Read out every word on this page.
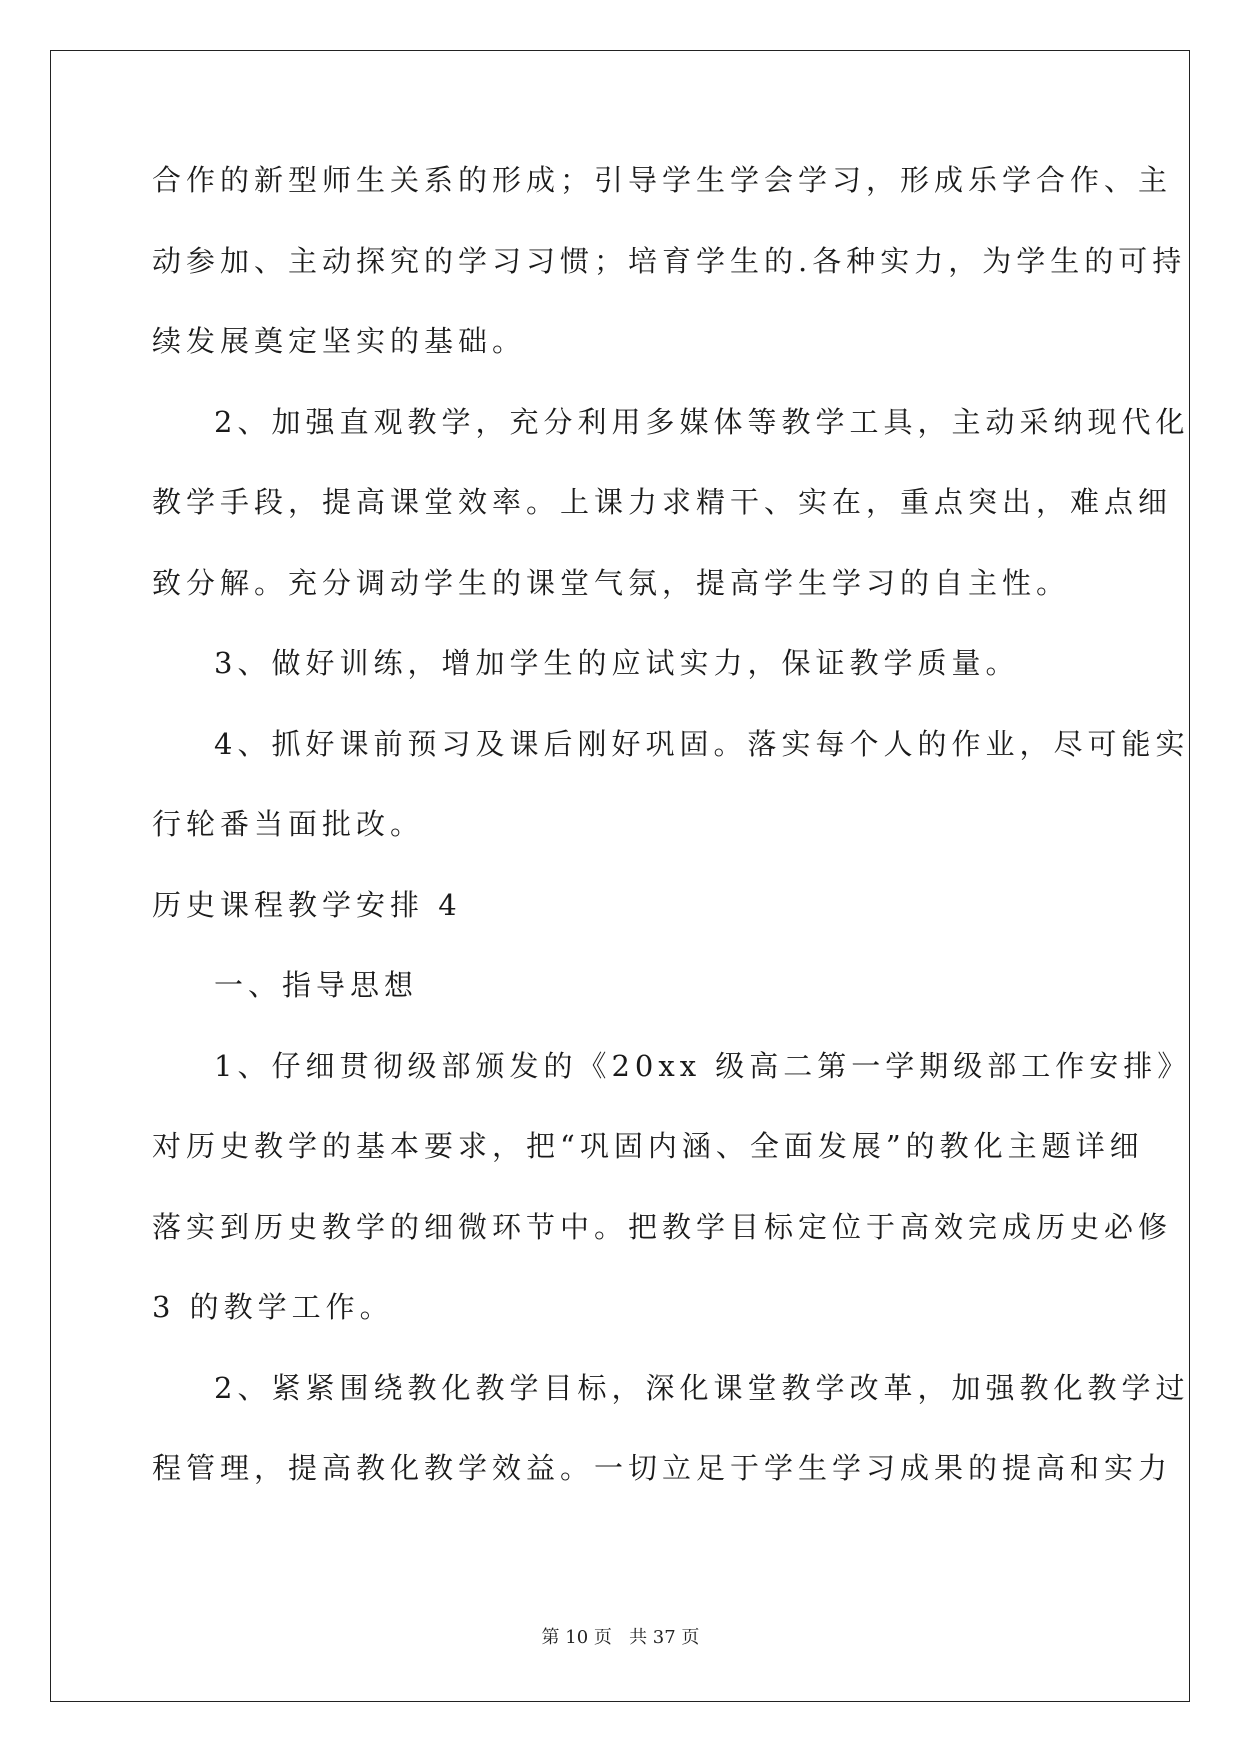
合作的新型师生关系的形成；引导学生学会学习，形成乐学合作、主
动参加、主动探究的学习习惯；培育学生的.各种实力，为学生的可持
续发展奠定坚实的基础。
2、加强直观教学，充分利用多媒体等教学工具，主动采纳现代化
教学手段，提高课堂效率。上课力求精干、实在，重点突出，难点细
致分解。充分调动学生的课堂气氛，提高学生学习的自主性。
3、做好训练，增加学生的应试实力，保证教学质量。
4、抓好课前预习及课后刚好巩固。落实每个人的作业，尽可能实
行轮番当面批改。
历史课程教学安排 4
一、指导思想
1、仔细贯彻级部颁发的《20xx 级高二第一学期级部工作安排》
对历史教学的基本要求，把“巩固内涵、全面发展”的教化主题详细
落实到历史教学的细微环节中。把教学目标定位于高效完成历史必修
3 的教学工作。
2、紧紧围绕教化教学目标，深化课堂教学改革，加强教化教学过
程管理，提高教化教学效益。一切立足于学生学习成果的提高和实力
第 10 页 共 37 页
